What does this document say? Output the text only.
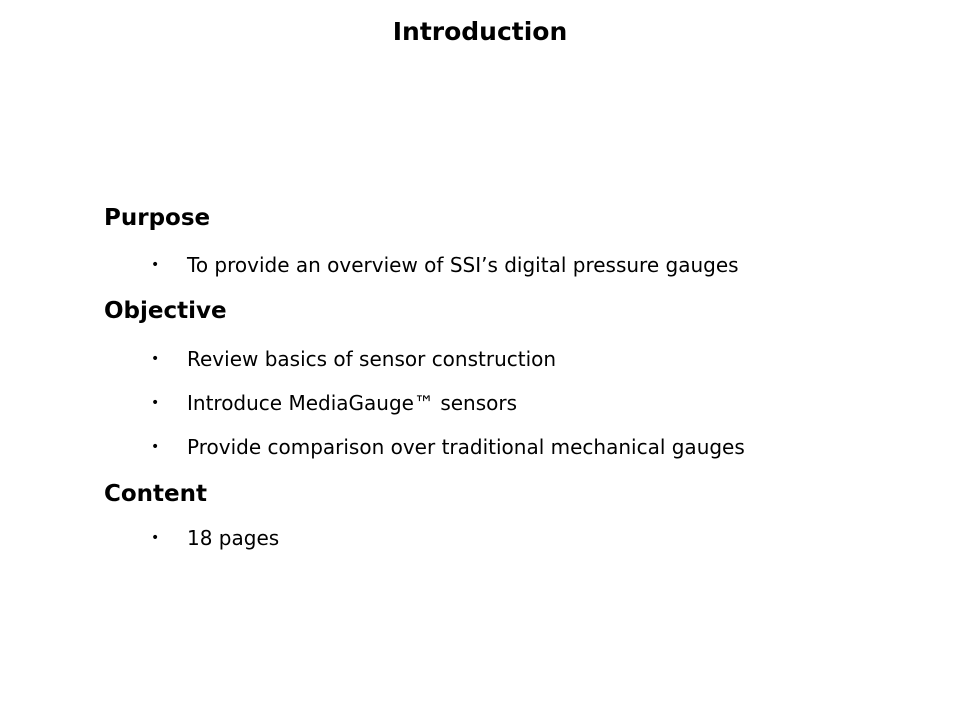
Introduction
Purpose
• To provide an overview of SSI’s digital pressure gauges
Objective
• Review basics of sensor construction
• Introduce MediaGauge™ sensors
• Provide comparison over traditional mechanical gauges
Content
• 18 pages
